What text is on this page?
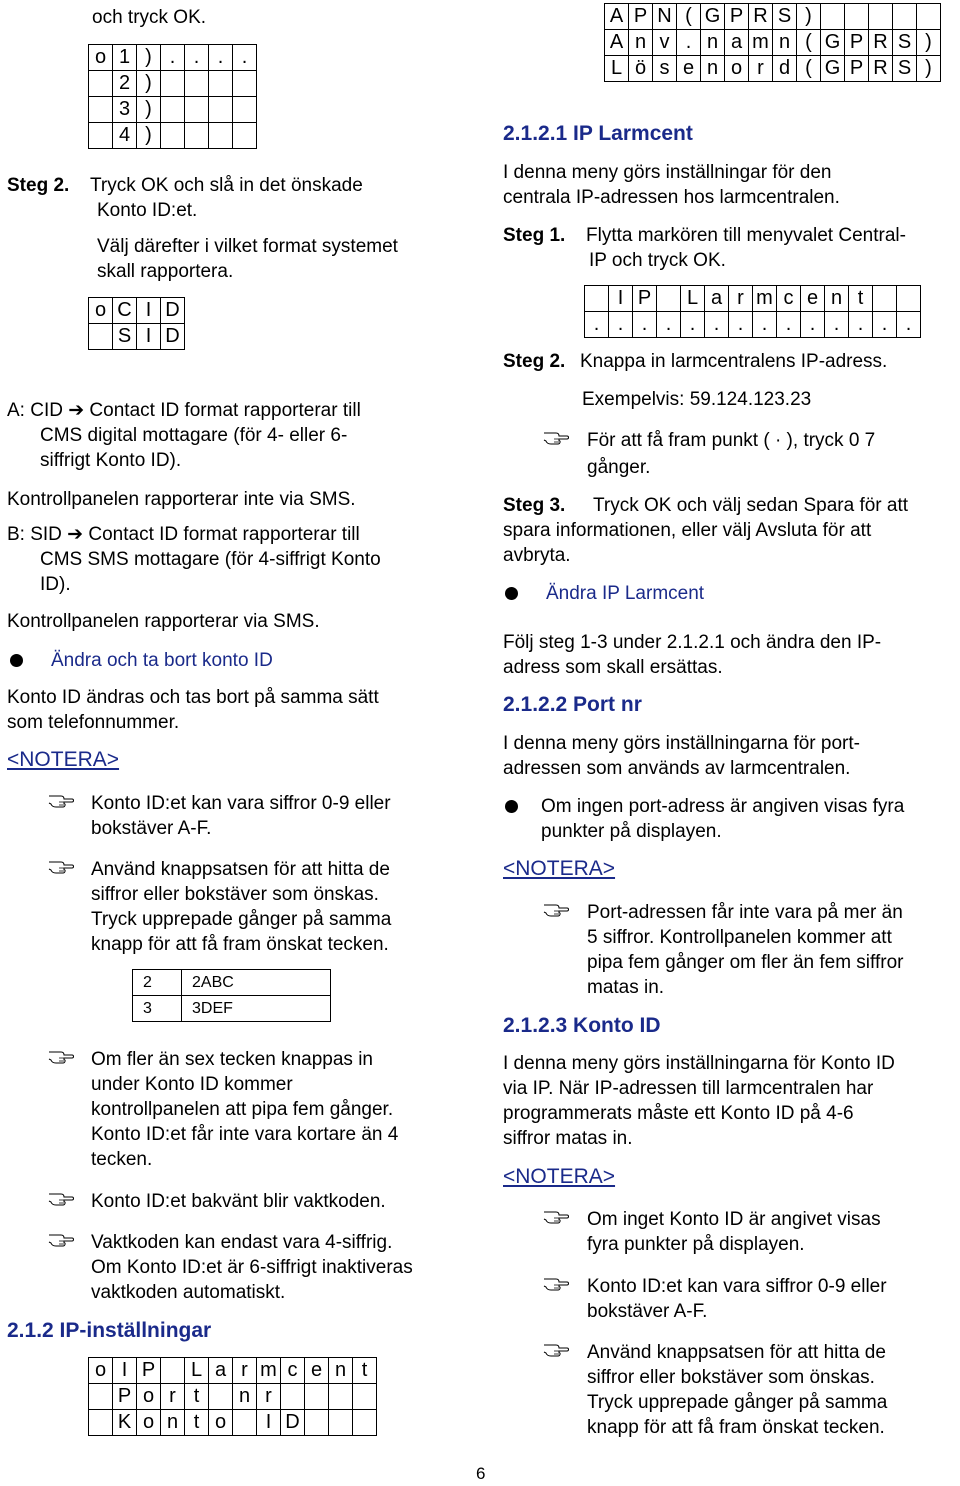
och tryck OK.

o	1	)	.	.	.	.
	2	)				
	3	)				
	4	)				

Steg 2. Tryck OK och slå in det önskade

Konto ID:et.

Välj därefter i vilket format systemet

skall rapportera.

o	C	I	D
	S	I	D

A: CID ➔ Contact ID format rapporterar till

CMS digital mottagare (för 4- eller 6-

siffrigt Konto ID).

Kontrollpanelen rapporterar inte via SMS.

B: SID ➔ Contact ID format rapporterar till

CMS SMS mottagare (för 4-siffrigt Konto

ID).

Kontrollpanelen rapporterar via SMS.

Ändra och ta bort konto ID

Konto ID ändras och tas bort på samma sätt

som telefonnummer.

<NOTERA>

Konto ID:et kan vara siffror 0-9 eller

bokstäver A-F.

Använd knappsatsen för att hitta de

siffror eller bokstäver som önskas.

Tryck upprepade gånger på samma

knapp för att få fram önskat tecken.

2	2ABC
3	3DEF

Om fler än sex tecken knappas in

under Konto ID kommer

kontrollpanelen att pipa fem gånger.

Konto ID:et får inte vara kortare än 4

tecken.

Konto ID:et bakvänt blir vaktkoden.

Vaktkoden kan endast vara 4-siffrig.

Om Konto ID:et är 6-siffrigt inaktiveras

vaktkoden automatiskt.

2.1.2 IP-inställningar

o	I	P		L	a	r	m	c	e	n	t
	P	o	r	t		n	r				
	K	o	n	t	o		I	D			
A	P	N	(	G	P	R	S	)					
A	n	v	.	n	a	m	n	(	G	P	R	S	)
L	ö	s	e	n	o	r	d	(	G	P	R	S	)

2.1.2.1 IP Larmcent

I denna meny görs inställningar för den

centrala IP-adressen hos larmcentralen.

Steg 1. Flytta markören till menyvalet Central-

IP och tryck OK.

	I	P		L	a	r	m	c	e	n	t		
.	.	.	.	.	.	.	.	.	.	.	.	.	.

Steg 2. Knappa in larmcentralens IP-adress.

Exempelvis: 59.124.123.23

För att få fram punkt ( · ), tryck 0 7

gånger.

Steg 3. Tryck OK och välj sedan Spara för att

spara informationen, eller välj Avsluta för att

avbryta.

Ändra IP Larmcent

Följ steg 1-3 under 2.1.2.1 och ändra den IP-

adress som skall ersättas.

2.1.2.2 Port nr

I denna meny görs inställningarna för port-

adressen som används av larmcentralen.

Om ingen port-adress är angiven visas fyra

punkter på displayen.

<NOTERA>

Port-adressen får inte vara på mer än

5 siffror. Kontrollpanelen kommer att

pipa fem gånger om fler än fem siffror

matas in.

2.1.2.3 Konto ID

I denna meny görs inställningarna för Konto ID

via IP. När IP-adressen till larmcentralen har

programmerats måste ett Konto ID på 4-6

siffror matas in.

<NOTERA>

Om inget Konto ID är angivet visas

fyra punkter på displayen.

Konto ID:et kan vara siffror 0-9 eller

bokstäver A-F.

Använd knappsatsen för att hitta de

siffror eller bokstäver som önskas.

Tryck upprepade gånger på samma

knapp för att få fram önskat tecken.

6
